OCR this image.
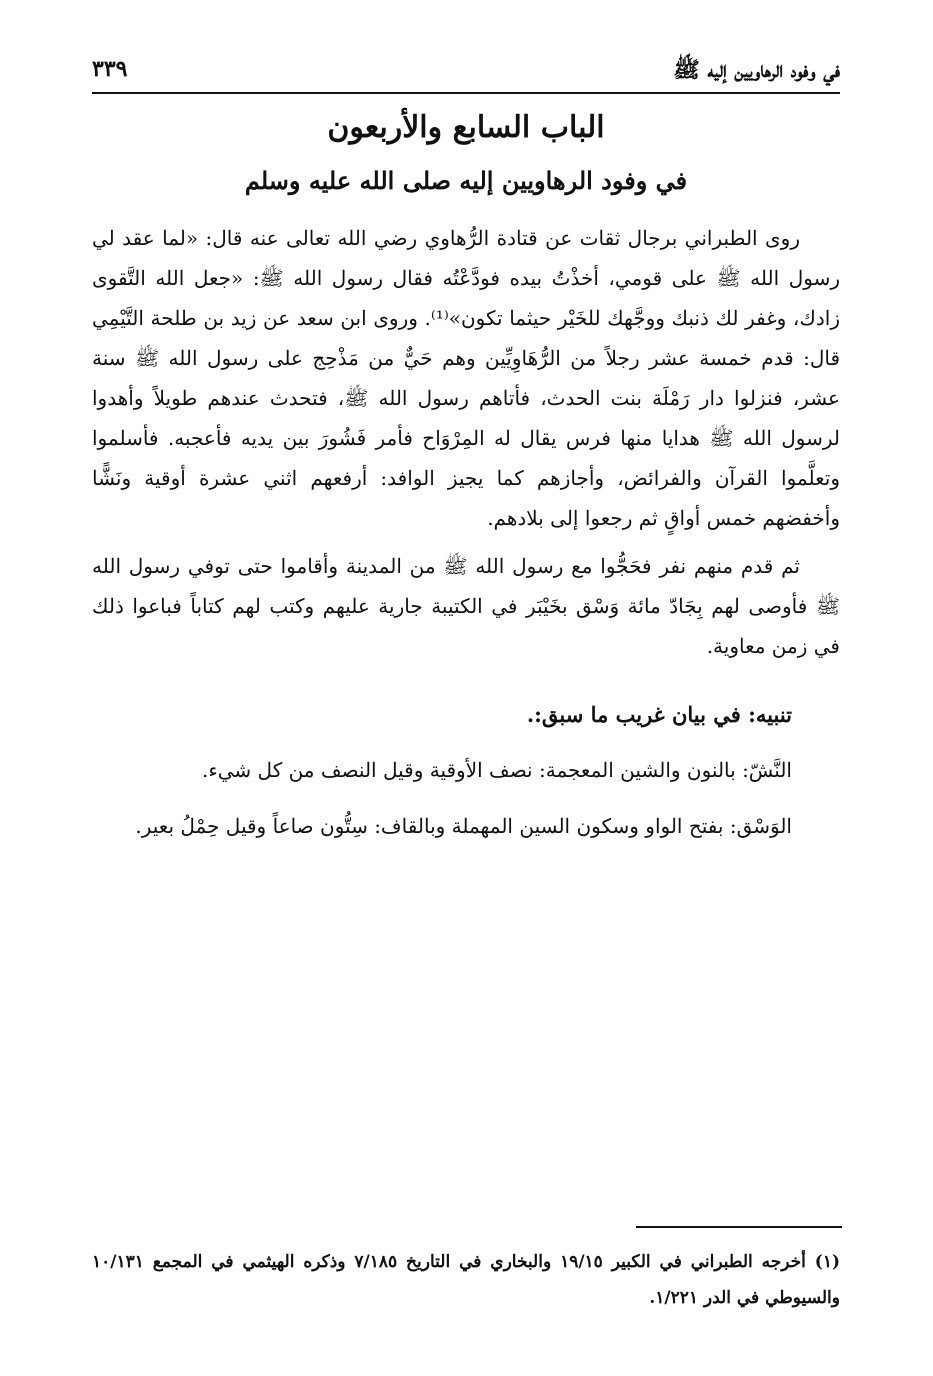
في وفود الرهاويين إليه ﷺ
٣٣٩
الباب السابع والأربعون
في وفود الرهاويين إليه صلى الله عليه وسلم

روى الطبراني برجال ثقات عن قتادة الرُّهاوي رضي الله تعالى عنه قال: «لما عقد لي رسول الله ﷺ على قومي، أخذْتُ بيده فودَّعْتُه فقال رسول الله ﷺ: «جعل الله التَّقوى زادك، وغفر لك ذنبك ووجَّهك للخَيْر حيثما تكون»⁽¹⁾. وروى ابن سعد عن زيد بن طلحة التَّيْمِي قال: قدم خمسة عشر رجلاً من الرُّهَاوِيِّين وهم حَيٌّ من مَذْحِج على رسول الله ﷺ سنة عشر، فنزلوا دار رَمْلَة بنت الحدث، فأتاهم رسول الله ﷺ، فتحدث عندهم طويلاً وأهدوا لرسول الله ﷺ هدايا منها فرس يقال له المِرْوَاح فأمر فَشُورَ بين يديه فأعجبه. فأسلموا وتعلَّموا القرآن والفرائض، وأجازهم كما يجيز الوافد: أرفعهم اثني عشرة أوقية ونَشًّا وأخفضهم خمس أواقٍ ثم رجعوا إلى بلادهم.

ثم قدم منهم نفر فحَجُّوا مع رسول الله ﷺ من المدينة وأقاموا حتى توفي رسول الله ﷺ فأوصى لهم بِجَادّ مائة وَسْق بخَيْبَر في الكتيبة جارية عليهم وكتب لهم كتاباً فباعوا ذلك في زمن معاوية.

تنبيه: في بيان غريب ما سبق:.
النَّشّ: بالنون والشين المعجمة: نصف الأوقية وقيل النصف من كل شيء.
الوَسْق: بفتح الواو وسكون السين المهملة وبالقاف: سِتُّون صاعاً وقيل حِمْلُ بعير.
(١) أخرجه الطبراني في الكبير ١٩/١٥ والبخاري في التاريخ ٧/١٨٥ وذكره الهيثمي في المجمع ١٠/١٣١ والسيوطي في الدر ١/٢٢١.
